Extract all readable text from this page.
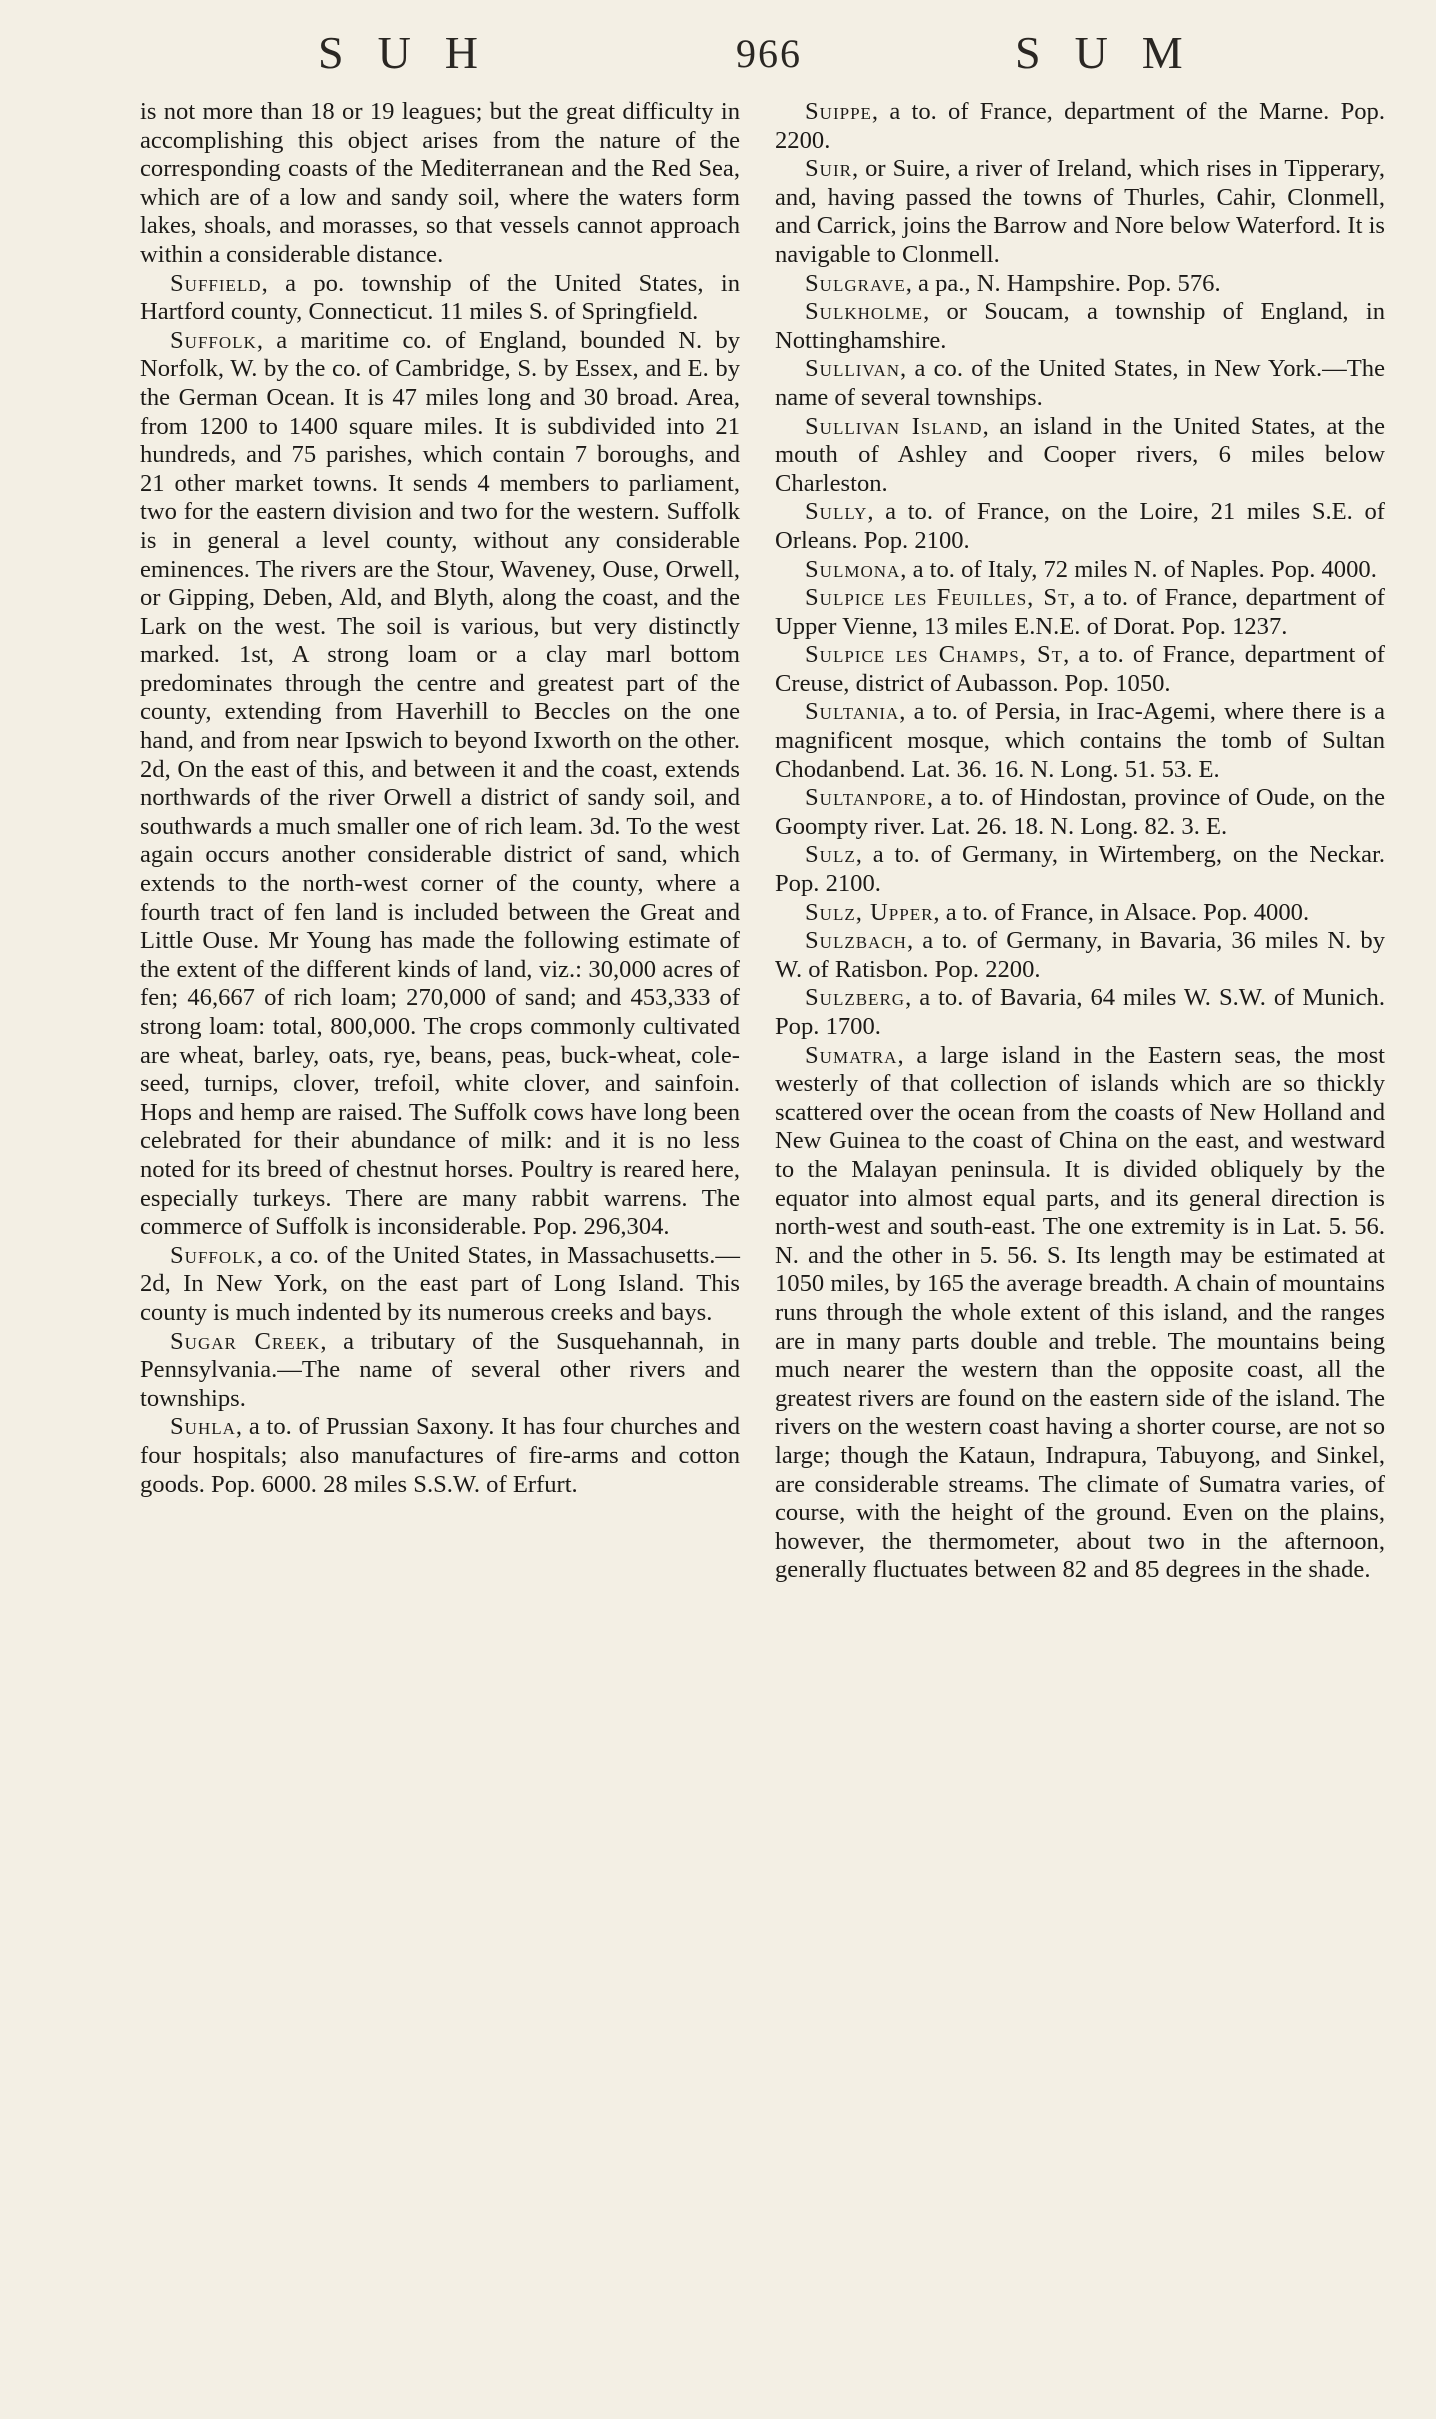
SUH	966	SUM

is not more than 18 or 19 leagues; but the great difficulty in accomplishing this object arises from the nature of the corresponding coasts of the Mediterranean and the Red Sea, which are of a low and sandy soil, where the waters form lakes, shoals, and morasses, so that vessels cannot approach within a considerable distance.

Suffield, a po. township of the United States, in Hartford county, Connecticut. 11 miles S. of Springfield.

Suffolk, a maritime co. of England, bounded N. by Norfolk, W. by the co. of Cambridge, S. by Essex, and E. by the German Ocean. It is 47 miles long and 30 broad. Area, from 1200 to 1400 square miles. It is subdivided into 21 hundreds, and 75 parishes, which contain 7 boroughs, and 21 other market towns. It sends 4 members to parliament, two for the eastern division and two for the western. Suffolk is in general a level county, without any considerable eminences. The rivers are the Stour, Waveney, Ouse, Orwell, or Gipping, Deben, Ald, and Blyth, along the coast, and the Lark on the west. The soil is various, but very distinctly marked. 1st, A strong loam or a clay marl bottom predominates through the centre and greatest part of the county, extending from Haverhill to Beccles on the one hand, and from near Ipswich to beyond Ixworth on the other. 2d, On the east of this, and between it and the coast, extends northwards of the river Orwell a district of sandy soil, and southwards a much smaller one of rich leam. 3d. To the west again occurs another considerable district of sand, which extends to the north-west corner of the county, where a fourth tract of fen land is included between the Great and Little Ouse. Mr Young has made the following estimate of the extent of the different kinds of land, viz.: 30,000 acres of fen; 46,667 of rich loam; 270,000 of sand; and 453,333 of strong loam: total, 800,000. The crops commonly cultivated are wheat, barley, oats, rye, beans, peas, buck-wheat, cole-seed, turnips, clover, trefoil, white clover, and sainfoin. Hops and hemp are raised. The Suffolk cows have long been celebrated for their abundance of milk: and it is no less noted for its breed of chestnut horses. Poultry is reared here, especially turkeys. There are many rabbit warrens. The commerce of Suffolk is inconsiderable. Pop. 296,304.

Suffolk, a co. of the United States, in Massachusetts.—2d, In New York, on the east part of Long Island. This county is much indented by its numerous creeks and bays.

Sugar Creek, a tributary of the Susquehannah, in Pennsylvania.—The name of several other rivers and townships.

Suhla, a to. of Prussian Saxony. It has four churches and four hospitals; also manufactures of fire-arms and cotton goods. Pop. 6000. 28 miles S.S.W. of Erfurt.

Suippe, a to. of France, department of the Marne. Pop. 2200.

Suir, or Suire, a river of Ireland, which rises in Tipperary, and, having passed the towns of Thurles, Cahir, Clonmell, and Carrick, joins the Barrow and Nore below Waterford. It is navigable to Clonmell.

Sulgrave, a pa., N. Hampshire. Pop. 576.

Sulkholme, or Soucam, a township of England, in Nottinghamshire.

Sullivan, a co. of the United States, in New York.—The name of several townships.

Sullivan Island, an island in the United States, at the mouth of Ashley and Cooper rivers, 6 miles below Charleston.

Sully, a to. of France, on the Loire, 21 miles S.E. of Orleans. Pop. 2100.

Sulmona, a to. of Italy, 72 miles N. of Naples. Pop. 4000.

Sulpice les Feuilles, St, a to. of France, department of Upper Vienne, 13 miles E.N.E. of Dorat. Pop. 1237.

Sulpice les Champs, St, a to. of France, department of Creuse, district of Aubasson. Pop. 1050.

Sultania, a to. of Persia, in Irac-Agemi, where there is a magnificent mosque, which contains the tomb of Sultan Chodanbend. Lat. 36. 16. N. Long. 51. 53. E.

Sultanpore, a to. of Hindostan, province of Oude, on the Goompty river. Lat. 26. 18. N. Long. 82. 3. E.

Sulz, a to. of Germany, in Wirtemberg, on the Neckar. Pop. 2100.

Sulz, Upper, a to. of France, in Alsace. Pop. 4000.

Sulzbach, a to. of Germany, in Bavaria, 36 miles N. by W. of Ratisbon. Pop. 2200.

Sulzberg, a to. of Bavaria, 64 miles W. S.W. of Munich. Pop. 1700.

Sumatra, a large island in the Eastern seas, the most westerly of that collection of islands which are so thickly scattered over the ocean from the coasts of New Holland and New Guinea to the coast of China on the east, and westward to the Malayan peninsula. It is divided obliquely by the equator into almost equal parts, and its general direction is north-west and south-east. The one extremity is in Lat. 5. 56. N. and the other in 5. 56. S. Its length may be estimated at 1050 miles, by 165 the average breadth. A chain of mountains runs through the whole extent of this island, and the ranges are in many parts double and treble. The mountains being much nearer the western than the opposite coast, all the greatest rivers are found on the eastern side of the island. The rivers on the western coast having a shorter course, are not so large; though the Kataun, Indrapura, Tabuyong, and Sinkel, are considerable streams. The climate of Sumatra varies, of course, with the height of the ground. Even on the plains, however, the thermometer, about two in the afternoon, generally fluctuates between 82 and 85 degrees in the shade.
